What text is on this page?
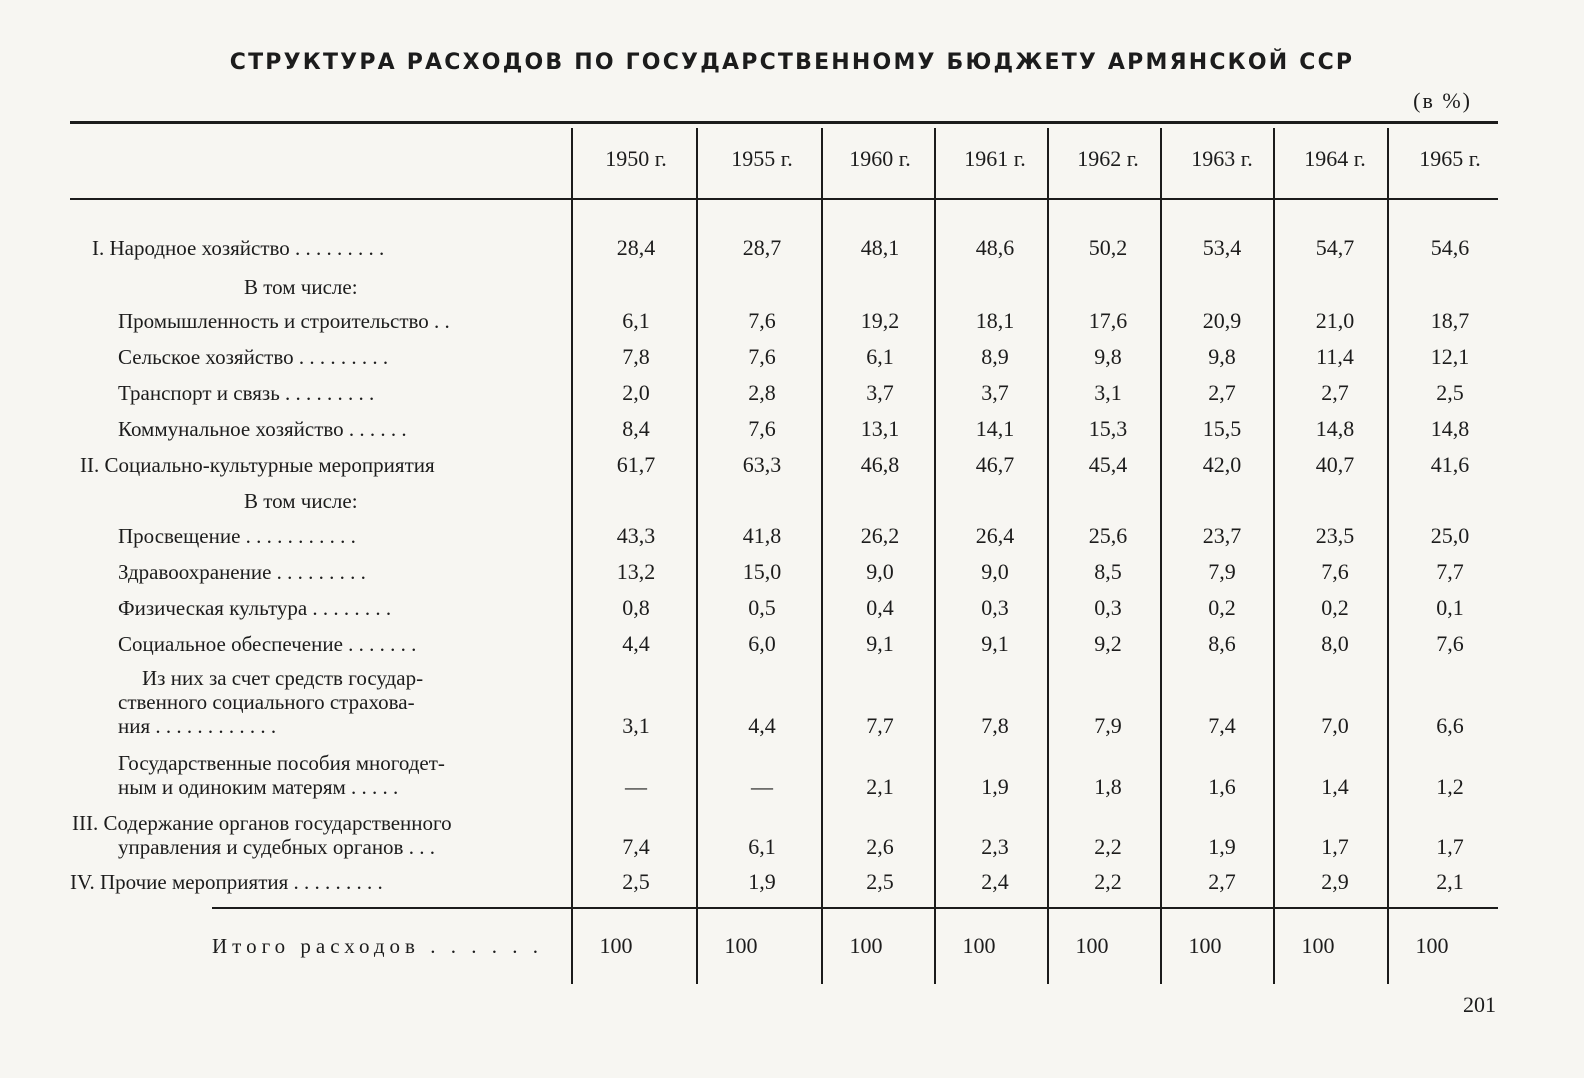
СТРУКТУРА РАСХОДОВ ПО ГОСУДАРСТВЕННОМУ БЮДЖЕТУ АРМЯНСКОЙ ССР
(в %)
1950 г.	1955 г.	1960 г.	1961 г.	1962 г.	1963 г.	1964 г.	1965 г.
I. Народное хозяйство . . . . . . . . .	28,4	28,7	48,1	48,6	50,2	53,4	54,7	54,6
В том числе:
Промышленность и строительство . .	6,1	7,6	19,2	18,1	17,6	20,9	21,0	18,7
Сельское хозяйство . . . . . . . . .	7,8	7,6	6,1	8,9	9,8	9,8	11,4	12,1
Транспорт и связь . . . . . . . . .	2,0	2,8	3,7	3,7	3,1	2,7	2,7	2,5
Коммунальное хозяйство . . . . . .	8,4	7,6	13,1	14,1	15,3	15,5	14,8	14,8
II. Социально-культурные мероприятия	61,7	63,3	46,8	46,7	45,4	42,0	40,7	41,6
В том числе:
Просвещение . . . . . . . . . . .	43,3	41,8	26,2	26,4	25,6	23,7	23,5	25,0
Здравоохранение . . . . . . . . .	13,2	15,0	9,0	9,0	8,5	7,9	7,6	7,7
Физическая культура . . . . . . . .	0,8	0,5	0,4	0,3	0,3	0,2	0,2	0,1
Социальное обеспечение . . . . . . .	4,4	6,0	9,1	9,1	9,2	8,6	8,0	7,6
Из них за счет средств государ-
ственного социального страхова-
ния . . . . . . . . . . . .	3,1	4,4	7,7	7,8	7,9	7,4	7,0	6,6
Государственные пособия многодет-
ным и одиноким матерям . . . . .	—	—	2,1	1,9	1,8	1,6	1,4	1,2
III. Содержание органов государственного
управления и судебных органов . . .	7,4	6,1	2,6	2,3	2,2	1,9	1,7	1,7
IV. Прочие мероприятия . . . . . . . . .	2,5	1,9	2,5	2,4	2,2	2,7	2,9	2,1
Итого расходов . . . . . .	100	100	100	100	100	100	100	100
201
